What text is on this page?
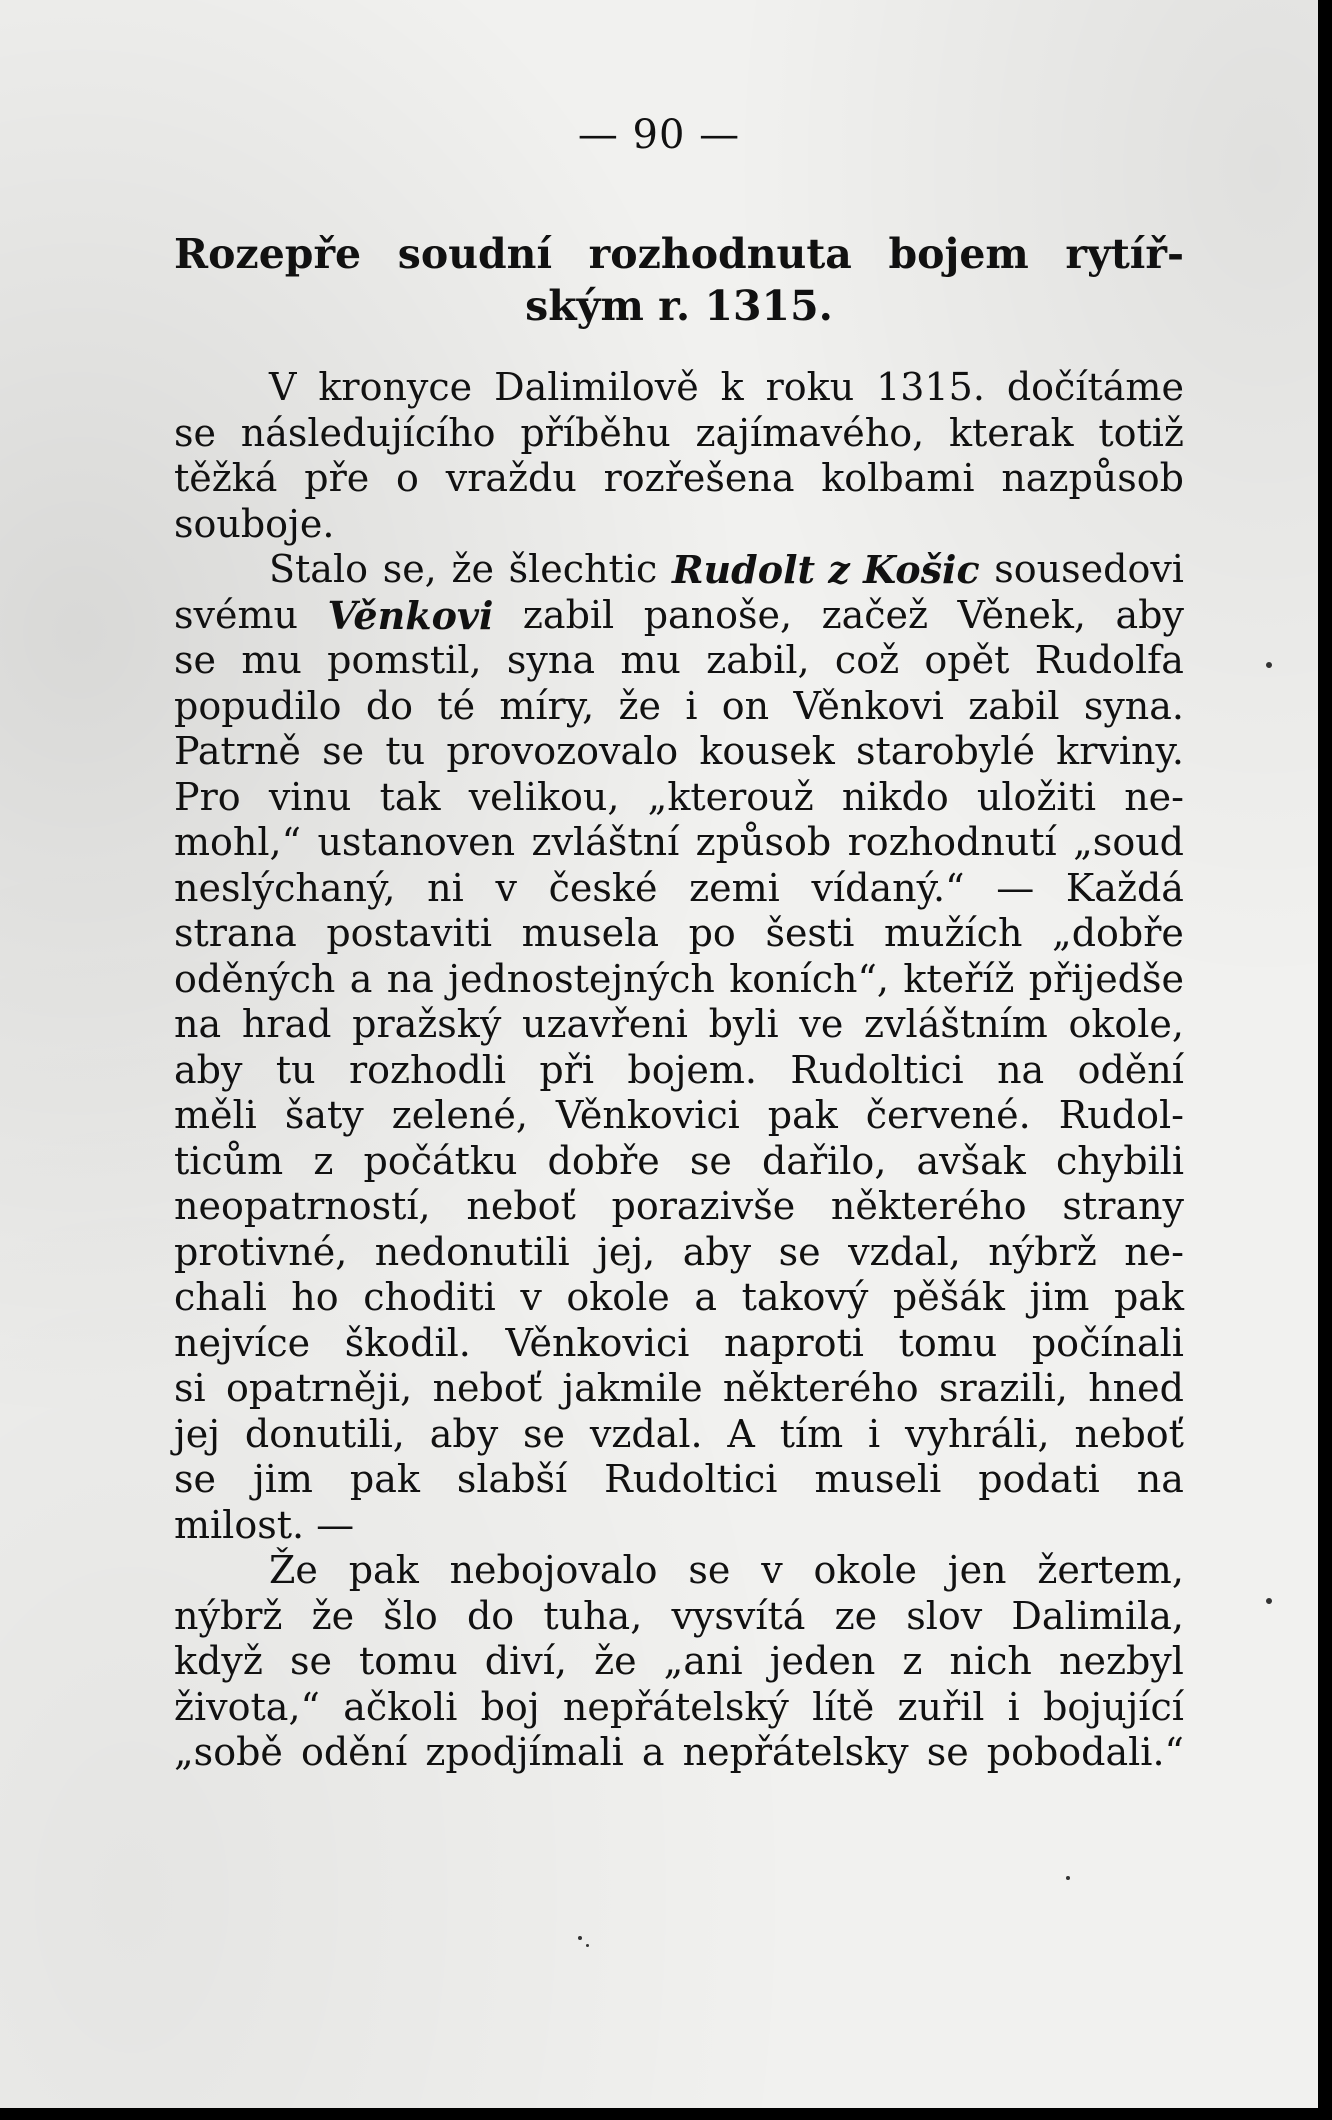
— 90 —
Rozepře soudní rozhodnuta bojem rytíř-
ským r. 1315.
V kronyce Dalimilově k roku 1315. dočítáme
se následujícího příběhu zajímavého, kterak totiž
těžká pře o vraždu rozřešena kolbami nazpůsob
souboje.
Stalo se, že šlechtic Rudolt z Košic sousedovi
svému Věnkovi zabil panoše, začež Věnek, aby
se mu pomstil, syna mu zabil, což opět Rudolfa
popudilo do té míry, že i on Věnkovi zabil syna.
Patrně se tu provozovalo kousek starobylé krviny.
Pro vinu tak velikou, „kterouž nikdo uložiti ne-
mohl,“ ustanoven zvláštní způsob rozhodnutí „soud
neslýchaný, ni v české zemi vídaný.“ — Každá
strana postaviti musela po šesti mužích „dobře
oděných a na jednostejných koních“, kteříž přijedše
na hrad pražský uzavřeni byli ve zvláštním okole,
aby tu rozhodli při bojem. Rudoltici na odění
měli šaty zelené, Věnkovici pak červené. Rudol-
ticům z počátku dobře se dařilo, avšak chybili
neopatrností, neboť porazivše některého strany
protivné, nedonutili jej, aby se vzdal, nýbrž ne-
chali ho choditi v okole a takový pěšák jim pak
nejvíce škodil. Věnkovici naproti tomu počínali
si opatrněji, neboť jakmile některého srazili, hned
jej donutili, aby se vzdal. A tím i vyhráli, neboť
se jim pak slabší Rudoltici museli podati na
milost. —
Že pak nebojovalo se v okole jen žertem,
nýbrž že šlo do tuha, vysvítá ze slov Dalimila,
když se tomu diví, že „ani jeden z nich nezbyl
života,“ ačkoli boj nepřátelský lítě zuřil i bojující
„sobě odění zpodjímali a nepřátelsky se pobodali.“
